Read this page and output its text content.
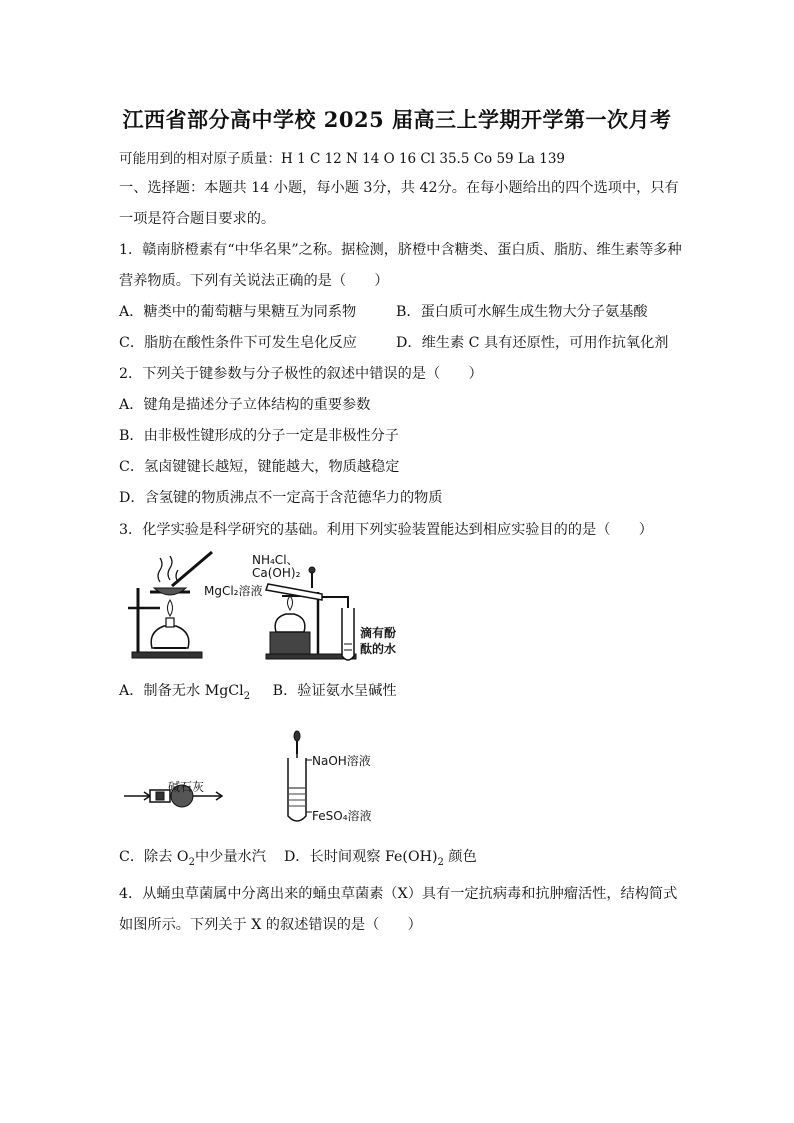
江西省部分高中学校 2025 届高三上学期开学第一次月考
可能用到的相对原子质量：H 1 C 12 N 14 O 16 Cl 35.5 Co 59 La 139
一、选择题：本题共 14 小题，每小题 3分，共 42分。在每小题给出的四个选项中，只有
一项是符合题目要求的。
1．赣南脐橙素有“中华名果”之称。据检测，脐橙中含糖类、蛋白质、脂肪、维生素等多种
营养物质。下列有关说法正确的是（　　）
A．糖类中的葡萄糖与果糖互为同系物	B．蛋白质可水解生成生物大分子氨基酸
C．脂肪在酸性条件下可发生皂化反应	D．维生素 C 具有还原性，可用作抗氧化剂
2．下列关于键参数与分子极性的叙述中错误的是（　　）
A．键角是描述分子立体结构的重要参数
B．由非极性键形成的分子一定是非极性分子
C．氢卤键键长越短，键能越大，物质越稳定
D．含氢键的物质沸点不一定高于含范德华力的物质
3．化学实验是科学研究的基础。利用下列实验装置能达到相应实验目的的是（　　）
MgCl₂溶液
NH₄Cl、
Ca(OH)₂
滴有酚
酞的水
A．制备无水 MgCl$_2$ B．验证氨水呈碱性
碱石灰
NaOH溶液
FeSO₄溶液
C．除去 $O_2$中少量水汽 D．长时间观察 $Fe(OH)_2$ 颜色
4．从蛹虫草菌属中分离出来的蛹虫草菌素（X）具有一定抗病毒和抗肿瘤活性，结构简式
如图所示。下列关于 X 的叙述错误的是（　　）
